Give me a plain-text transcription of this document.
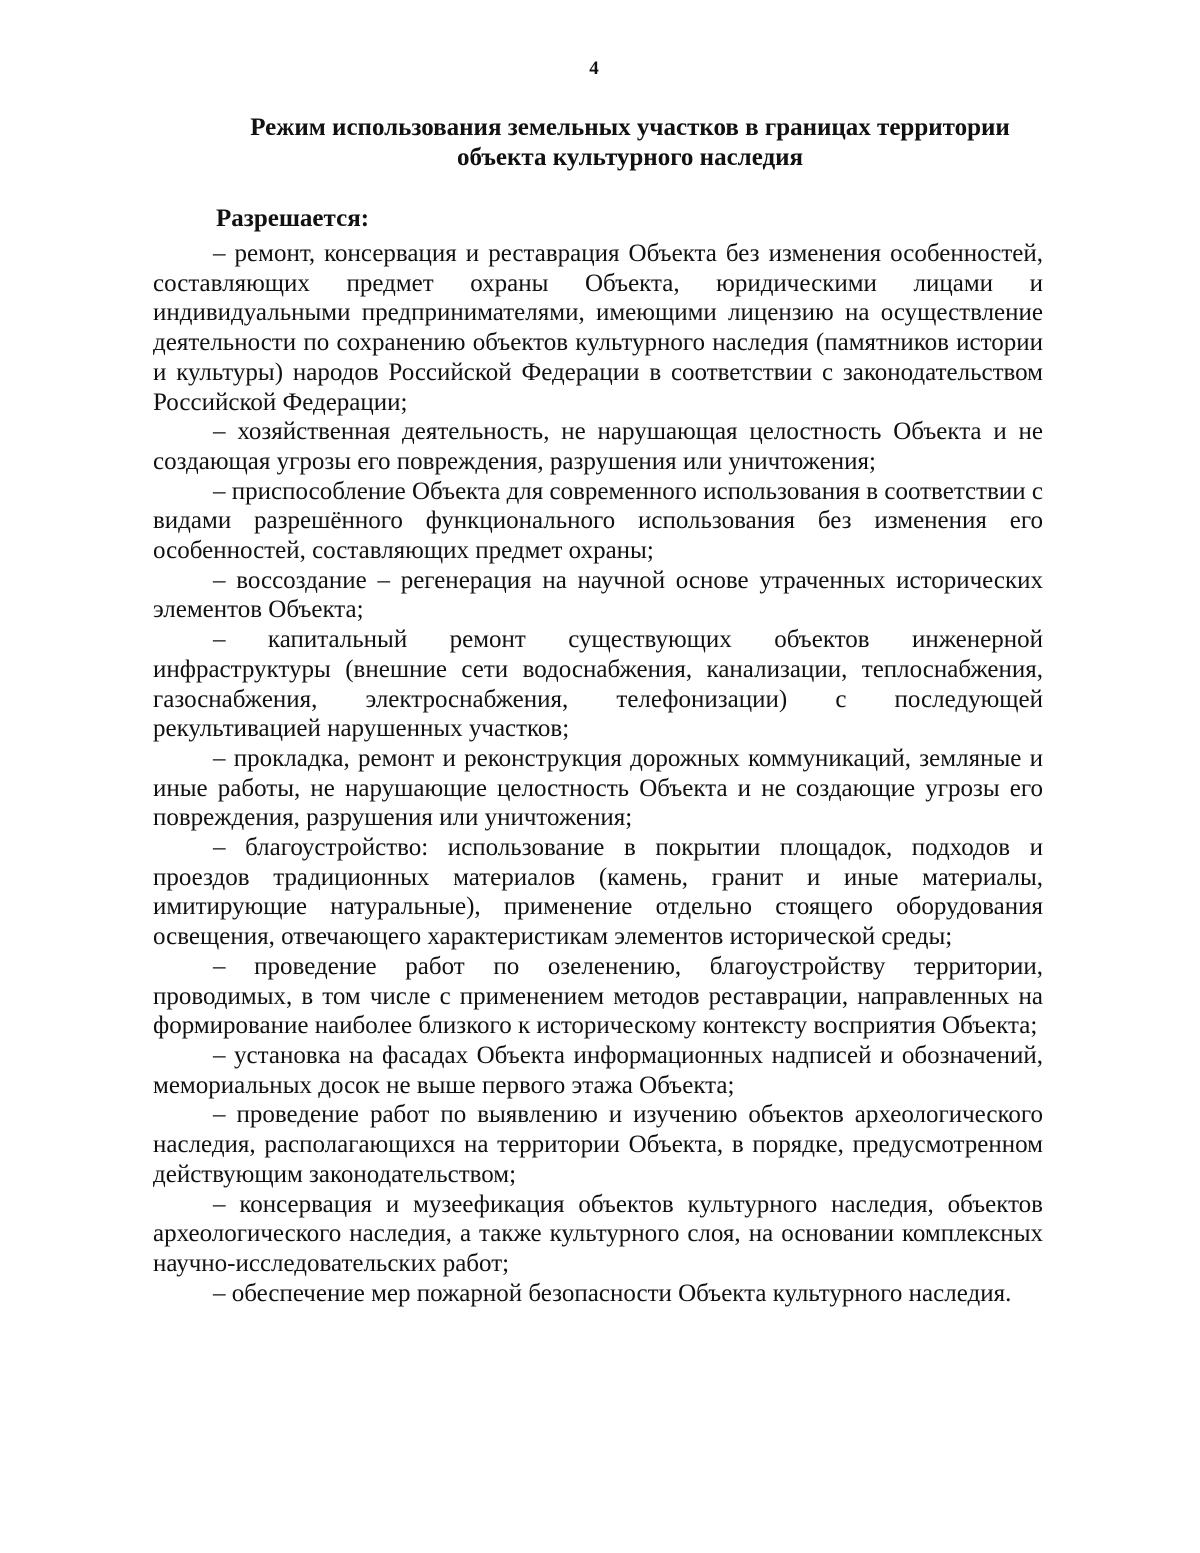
4
Режим использования земельных участков в границах территории
объекта культурного наследия
Разрешается:
– ремонт, консервация и реставрация Объекта без изменения особенностей, составляющих предмет охраны Объекта, юридическими лицами и индивидуальными предпринимателями, имеющими лицензию на осуществление деятельности по сохранению объектов культурного наследия (памятников истории и культуры) народов Российской Федерации в соответствии с законодательством Российской Федерации;
– хозяйственная деятельность, не нарушающая целостность Объекта и не создающая угрозы его повреждения, разрушения или уничтожения;
– приспособление Объекта для современного использования в соответствии с видами разрешённого функционального использования без изменения его особенностей, составляющих предмет охраны;
– воссоздание – регенерация на научной основе утраченных исторических элементов Объекта;
– капитальный ремонт существующих объектов инженерной инфраструктуры (внешние сети водоснабжения, канализации, теплоснабжения, газоснабжения, электроснабжения, телефонизации) с последующей рекультивацией нарушенных участков;
– прокладка, ремонт и реконструкция дорожных коммуникаций, земляные и иные работы, не нарушающие целостность Объекта и не создающие угрозы его повреждения, разрушения или уничтожения;
– благоустройство: использование в покрытии площадок, подходов и проездов традиционных материалов (камень, гранит и иные материалы, имитирующие натуральные), применение отдельно стоящего оборудования освещения, отвечающего характеристикам элементов исторической среды;
– проведение работ по озеленению, благоустройству территории, проводимых, в том числе с применением методов реставрации, направленных на формирование наиболее близкого к историческому контексту восприятия Объекта;
– установка на фасадах Объекта информационных надписей и обозначений, мемориальных досок не выше первого этажа Объекта;
– проведение работ по выявлению и изучению объектов археологического наследия, располагающихся на территории Объекта, в порядке, предусмотренном действующим законодательством;
– консервация и музеефикация объектов культурного наследия, объектов археологического наследия, а также культурного слоя, на основании комплексных научно-исследовательских работ;
– обеспечение мер пожарной безопасности Объекта культурного наследия.
